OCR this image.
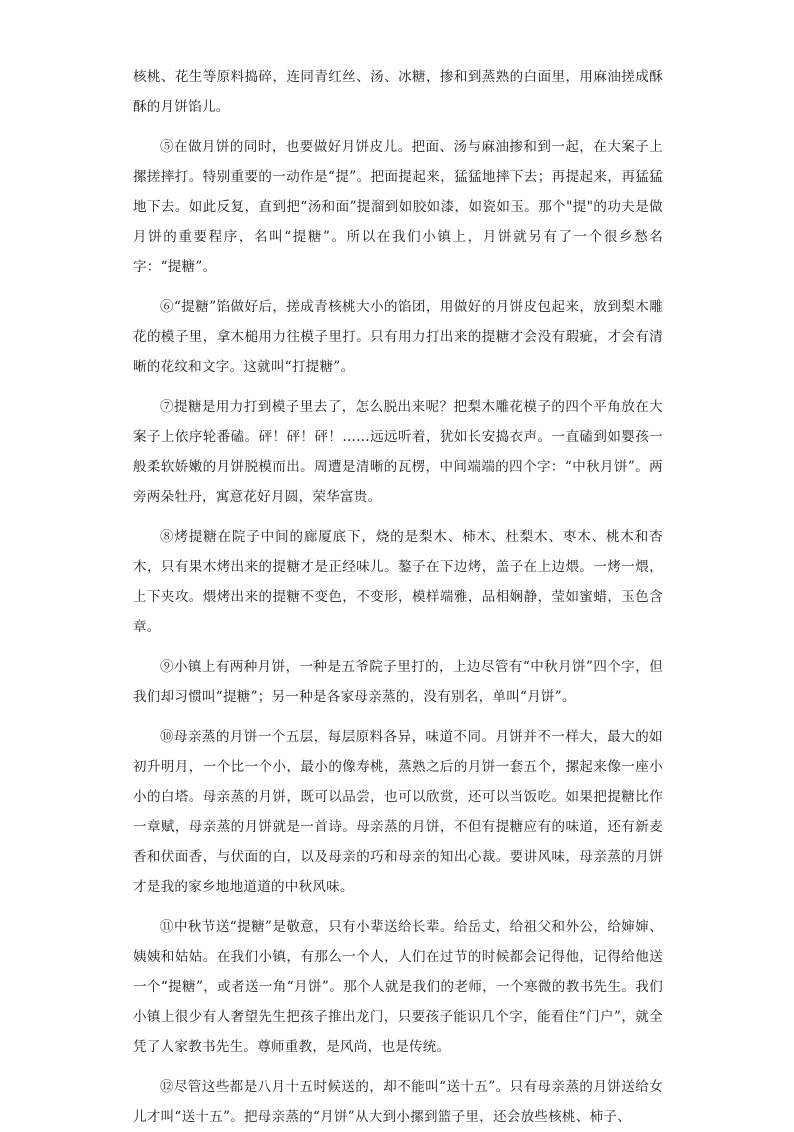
核桃、花生等原料捣碎，连同青红丝、汤、冰糖，掺和到蒸熟的白面里，用麻油搓成酥酥的月饼馅儿。

⑤在做月饼的同时，也要做好月饼皮儿。把面、汤与麻油掺和到一起，在大案子上摞搓摔打。特别重要的一动作是“提”。把面提起来，猛猛地摔下去；再提起来，再猛猛地下去。如此反复，直到把“汤和面”提溜到如胶如漆，如瓷如玉。那个"提"的功夫是做月饼的重要程序，名叫“提糖”。所以在我们小镇上，月饼就另有了一个很乡愁名字：“提糖”。

⑥“提糖”馅做好后，搓成青核桃大小的馅团，用做好的月饼皮包起来，放到梨木雕花的模子里，拿木槌用力往模子里打。只有用力打出来的提糖才会没有瑕疵，才会有清晰的花纹和文字。这就叫“打提糖”。

⑦提糖是用力打到模子里去了，怎么脱出来呢？把梨木雕花模子的四个平角放在大案子上依序轮番磕。砰！砰！砰！……远远听着，犹如长安捣衣声。一直磕到如婴孩一般柔软娇嫩的月饼脱模而出。周遭是清晰的瓦楞，中间端端的四个字：“中秋月饼”。两旁两朵牡丹，寓意花好月圆，荣华富贵。

⑧烤提糖在院子中间的廊厦底下，烧的是梨木、柿木、杜梨木、枣木、桃木和杏木，只有果木烤出来的提糖才是正经味儿。鏊子在下边烤，盖子在上边煨。一烤一煨，上下夹攻。煨烤出来的提糖不变色，不变形，模样端雅，品相娴静，莹如蜜蜡，玉色含章。

⑨小镇上有两种月饼，一种是五爷院子里打的，上边尽管有“中秋月饼”四个字，但我们却习惯叫“提糖”；另一种是各家母亲蒸的，没有别名，单叫“月饼”。

⑩母亲蒸的月饼一个五层，每层原料各异，味道不同。月饼并不一样大，最大的如初升明月，一个比一个小，最小的像寿桃，蒸熟之后的月饼一套五个，摞起来像一座小小的白塔。母亲蒸的月饼，既可以品尝，也可以欣赏，还可以当饭吃。如果把提糖比作一章赋，母亲蒸的月饼就是一首诗。母亲蒸的月饼，不但有提糖应有的味道，还有新麦香和伏面香，与伏面的白，以及母亲的巧和母亲的知出心裁。要讲风味，母亲蒸的月饼才是我的家乡地地道道的中秋风味。

⑪中秋节送“提糖”是敬意，只有小辈送给长辈。给岳丈，给祖父和外公，给婶婶、姨姨和姑姑。在我们小镇，有那么一个人，人们在过节的时候都会记得他，记得给他送一个“提糖”，或者送一角“月饼”。那个人就是我们的老师，一个寒微的教书先生。我们小镇上很少有人奢望先生把孩子推出龙门，只要孩子能识几个字，能看住“门户”，就全凭了人家教书先生。尊师重教，是风尚，也是传统。

⑫尽管这些都是八月十五时候送的，却不能叫“送十五”。只有母亲蒸的月饼送给女儿才叫“送十五”。把母亲蒸的“月饼”从大到小摞到篮子里，还会放些核桃、柿子、
